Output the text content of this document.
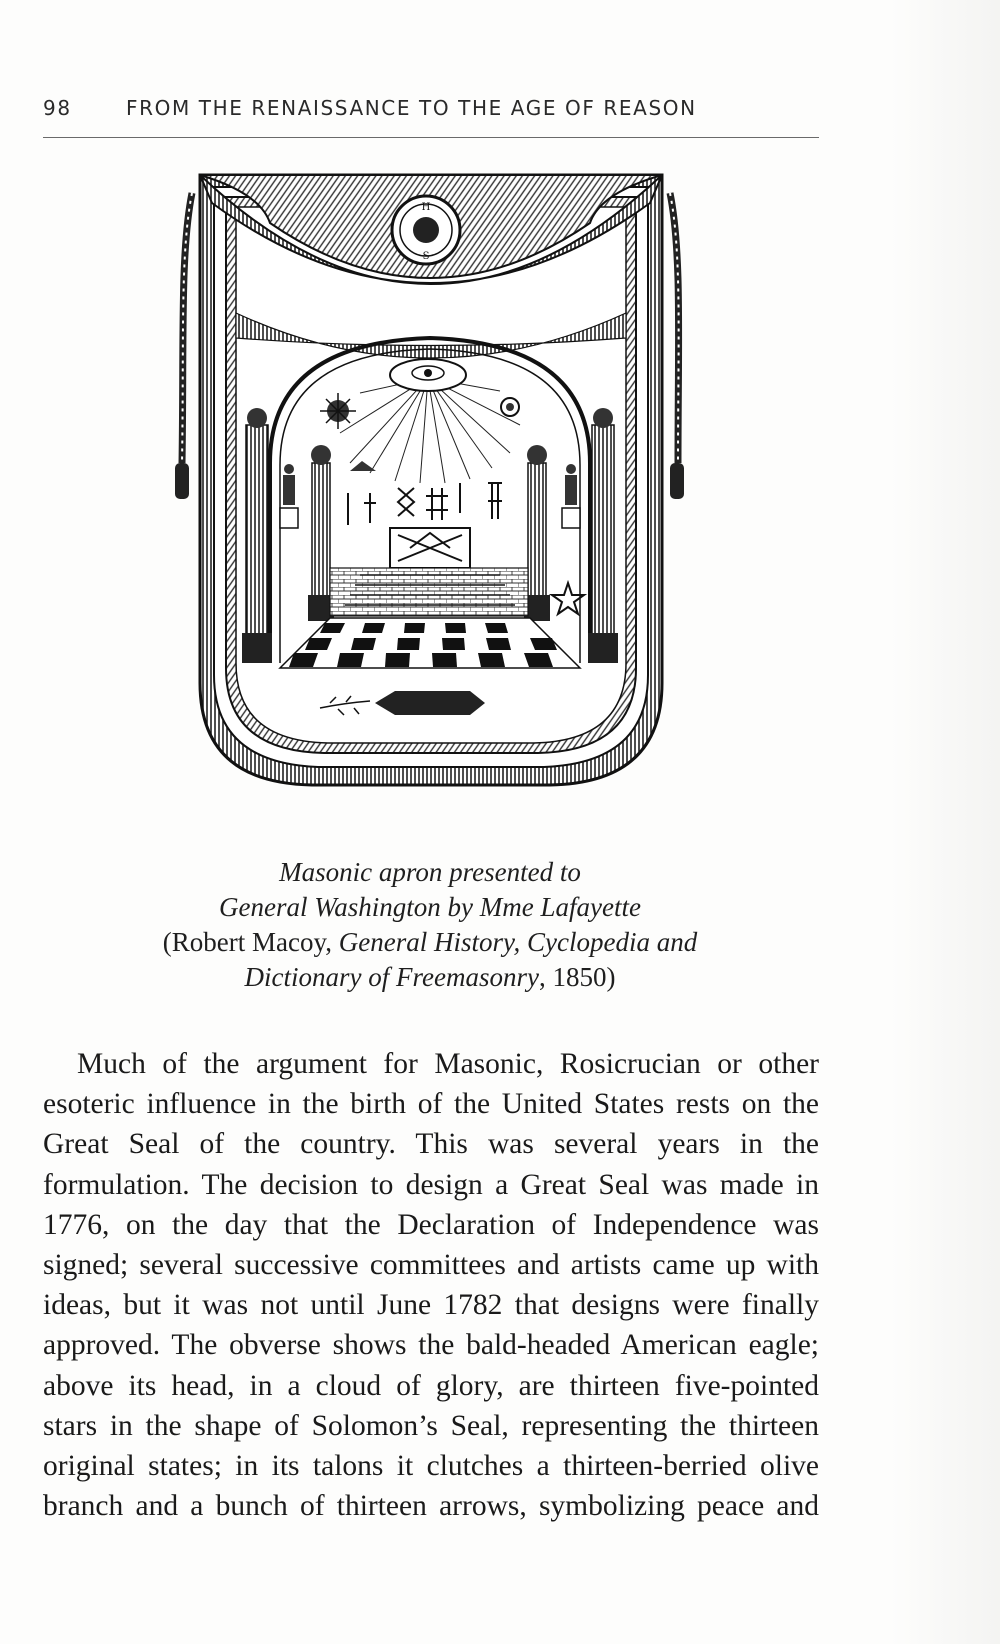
98	FROM THE RENAISSANCE TO THE AGE OF REASON
H
S
Masonic apron presented to
General Washington by Mme Lafayette
(Robert Macoy, General History, Cyclopedia and
Dictionary of Freemasonry, 1850)
Much of the argument for Masonic, Rosicrucian or other
esoteric influence in the birth of the United States rests on the
Great Seal of the country. This was several years in the
formulation. The decision to design a Great Seal was made in
1776, on the day that the Declaration of Independence was
signed; several successive committees and artists came up with
ideas, but it was not until June 1782 that designs were finally
approved. The obverse shows the bald-headed American eagle;
above its head, in a cloud of glory, are thirteen five-pointed
stars in the shape of Solomon’s Seal, representing the thirteen
original states; in its talons it clutches a thirteen-berried olive
branch and a bunch of thirteen arrows, symbolizing peace and
